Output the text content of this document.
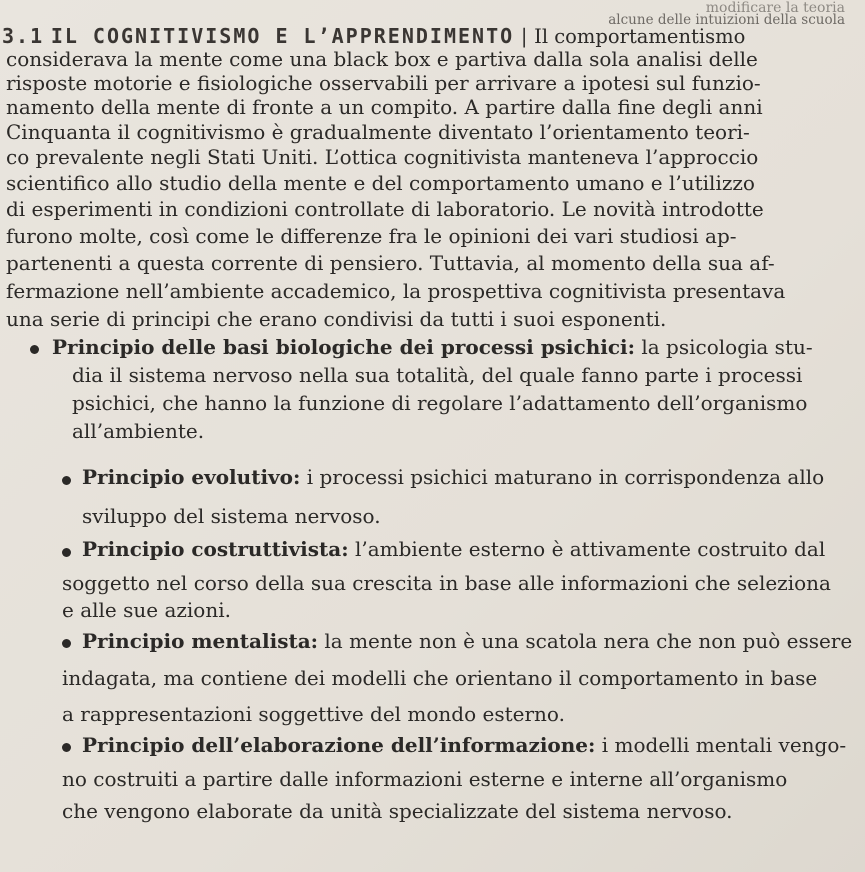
modificare la teoria
alcune delle intuizioni della scuola
3.1 IL COGNITIVISMO E L’APPRENDIMENTO | Il comportamentismo
considerava la mente come una black box e partiva dalla sola analisi delle
risposte motorie e fisiologiche osservabili per arrivare a ipotesi sul funzio-
namento della mente di fronte a un compito. A partire dalla fine degli anni
Cinquanta il cognitivismo è gradualmente diventato l’orientamento teori-
co prevalente negli Stati Uniti. L’ottica cognitivista manteneva l’approccio
scientifico allo studio della mente e del comportamento umano e l’utilizzo
di esperimenti in condizioni controllate di laboratorio. Le novità introdotte
furono molte, così come le differenze fra le opinioni dei vari studiosi ap-
partenenti a questa corrente di pensiero. Tuttavia, al momento della sua af-
fermazione nell’ambiente accademico, la prospettiva cognitivista presentava
una serie di principi che erano condivisi da tutti i suoi esponenti.
Principio delle basi biologiche dei processi psichici: la psicologia stu-
dia il sistema nervoso nella sua totalità, del quale fanno parte i processi
psichici, che hanno la funzione di regolare l’adattamento dell’organismo
all’ambiente.
Principio evolutivo: i processi psichici maturano in corrispondenza allo
sviluppo del sistema nervoso.
Principio costruttivista: l’ambiente esterno è attivamente costruito dal
soggetto nel corso della sua crescita in base alle informazioni che seleziona
e alle sue azioni.
Principio mentalista: la mente non è una scatola nera che non può essere
indagata, ma contiene dei modelli che orientano il comportamento in base
a rappresentazioni soggettive del mondo esterno.
Principio dell’elaborazione dell’informazione: i modelli mentali vengo-
no costruiti a partire dalle informazioni esterne e interne all’organismo
che vengono elaborate da unità specializzate del sistema nervoso.
